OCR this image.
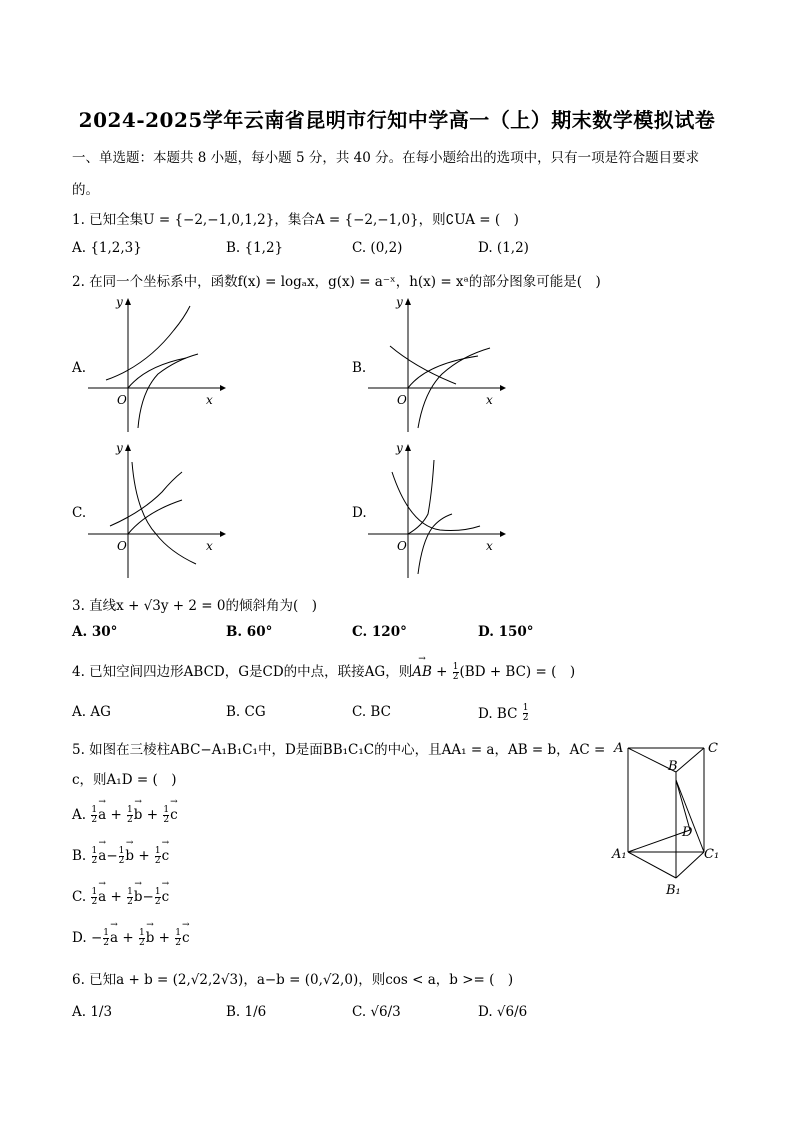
2024-2025学年云南省昆明市行知中学高一（上）期末数学模拟试卷
一、单选题：本题共 8 小题，每小题 5 分，共 40 分。在每小题给出的选项中，只有一项是符合题目要求
的。
1. 已知全集U = {−2,−1,0,1,2}，集合A = {−2,−1,0}，则∁UA = (　)
A. {1,2,3}	B. {1,2}	C. (0,2)	D. (1,2)
2. 在同一个坐标系中，函数f(x) = logₐx，g(x) = a⁻ˣ，h(x) = xᵃ的部分图象可能是(　)
A.
y
x
O
B.
y
x
O
C.
y
x
O
D.
y
x
O
3. 直线x + √3y + 2 = 0的倾斜角为(　)
A. 30°	B. 60°	C. 120°	D. 150°
4. 已知空间四边形ABCD，G是CD的中点，联接AG，则→ AB + $\frac{1}{2} (BD + BC)$ = (　)
A. AG	B. CG	C. BC	D. BC $\frac{1}{2}$
5. 如图在三棱柱ABC−A₁B₁C₁中，D是面BB₁C₁C的中心，且AA₁ = a，AB = b，AC =
c，则A₁D = (　)
A. $\frac{1}{2}$
→ $a + \frac{1}{2}$
→ $b + \frac{1}{2}$
→ c
B. $\frac{1}{2}$
→ $a- \frac{1}{2}$
→ $b + \frac{1}{2}$
→ c
C. $\frac{1}{2}$
→ $a + \frac{1}{2}$
→ $b- \frac{1}{2}$
→ c
D. − $\frac{1}{2}$
→ $a + \frac{1}{2}$
→ $b + \frac{1}{2}$
→ c
A	C
B
D
A₁	C₁
B₁
6. 已知a + b = (2,√2,2√3)，a−b = (0,√2,0)，则cos < a，b >= (　)
A. 1/3	B. 1/6	C. √6/3	D. √6/6
